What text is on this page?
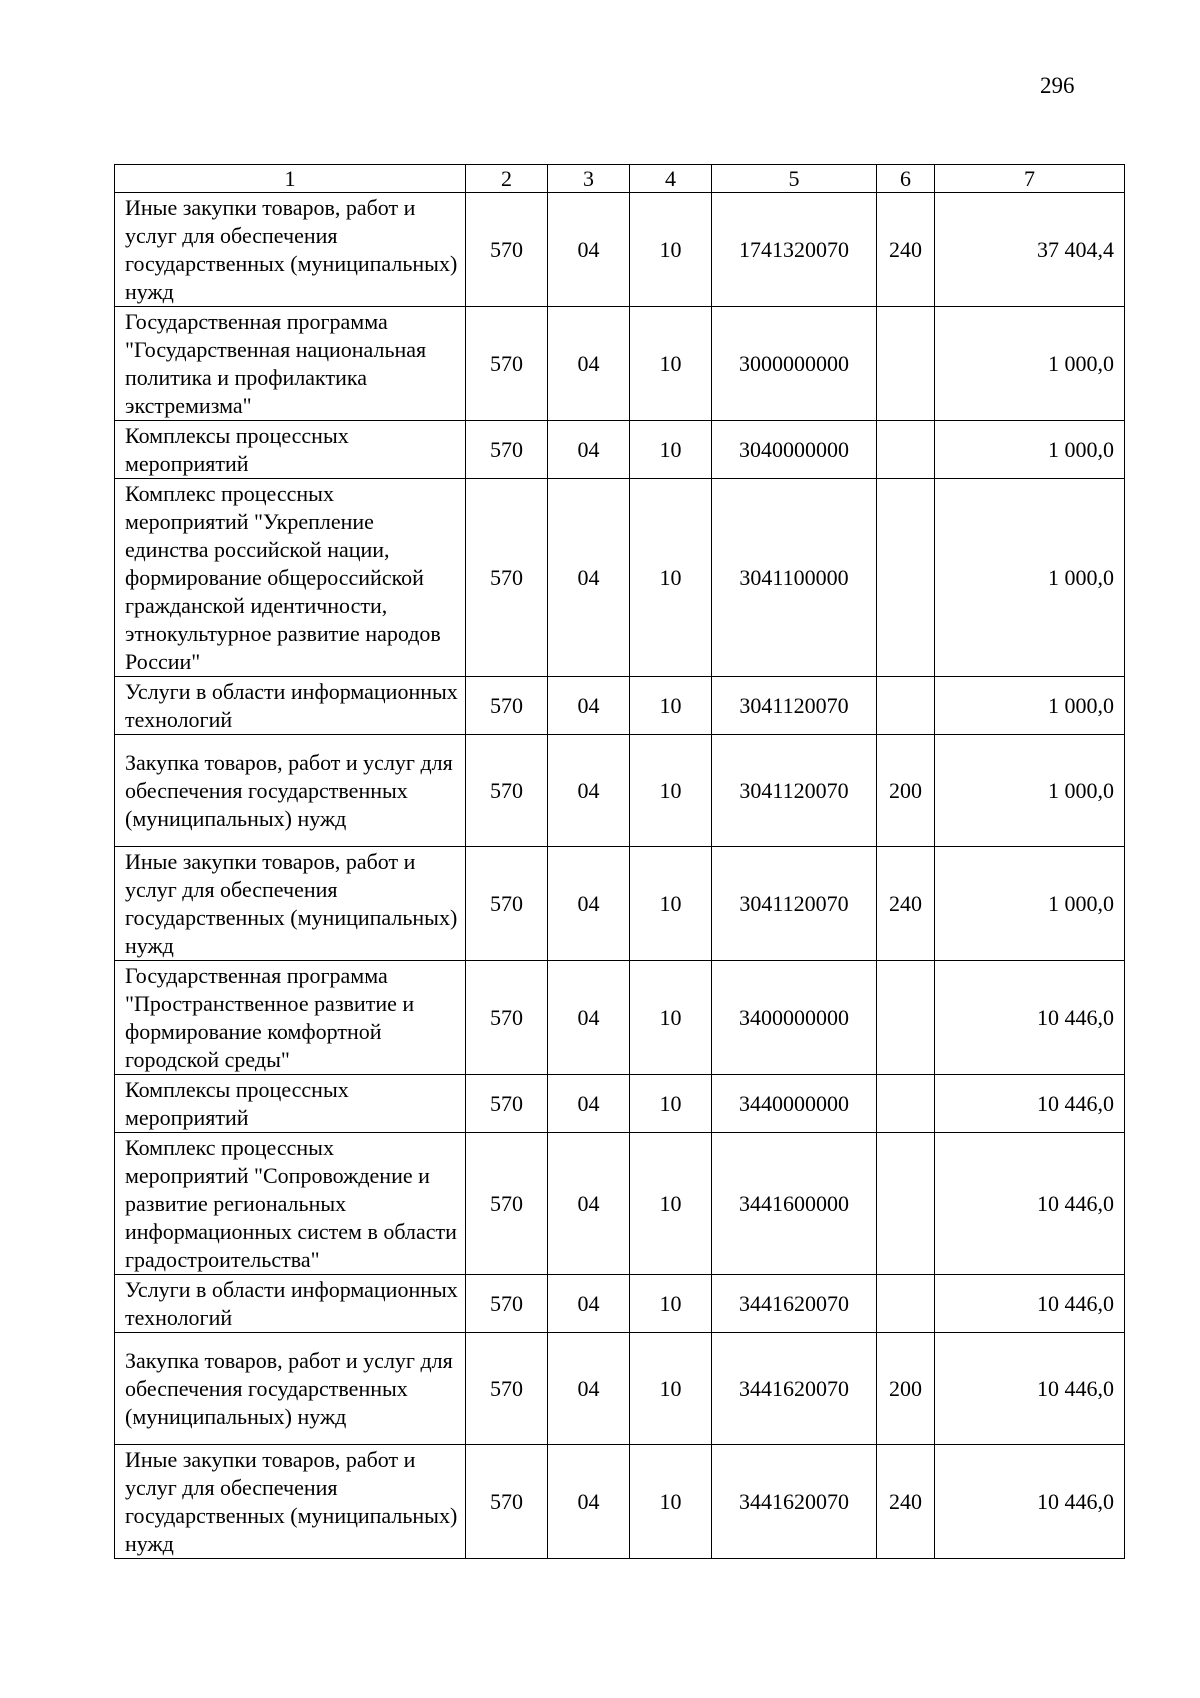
296
1	2	3	4	5	6	7
Иные закупки товаров, работ и услуг для обеспечения государственных (муниципальных) нужд	570	04	10	1741320070	240	37 404,4
Государственная программа "Государственная национальная политика и профилактика экстремизма"	570	04	10	3000000000		1 000,0
Комплексы процессных мероприятий	570	04	10	3040000000		1 000,0
Комплекс процессных мероприятий "Укрепление единства российской нации, формирование общероссийской гражданской идентичности, этнокультурное развитие народов России"	570	04	10	3041100000		1 000,0
Услуги в области информационных технологий	570	04	10	3041120070		1 000,0
Закупка товаров, работ и услуг для обеспечения государственных (муниципальных) нужд	570	04	10	3041120070	200	1 000,0
Иные закупки товаров, работ и услуг для обеспечения государственных (муниципальных) нужд	570	04	10	3041120070	240	1 000,0
Государственная программа "Пространственное развитие и формирование комфортной городской среды"	570	04	10	3400000000		10 446,0
Комплексы процессных мероприятий	570	04	10	3440000000		10 446,0
Комплекс процессных мероприятий "Сопровождение и развитие региональных информационных систем в области градостроительства"	570	04	10	3441600000		10 446,0
Услуги в области информационных технологий	570	04	10	3441620070		10 446,0
Закупка товаров, работ и услуг для обеспечения государственных (муниципальных) нужд	570	04	10	3441620070	200	10 446,0
Иные закупки товаров, работ и услуг для обеспечения государственных (муниципальных) нужд	570	04	10	3441620070	240	10 446,0
